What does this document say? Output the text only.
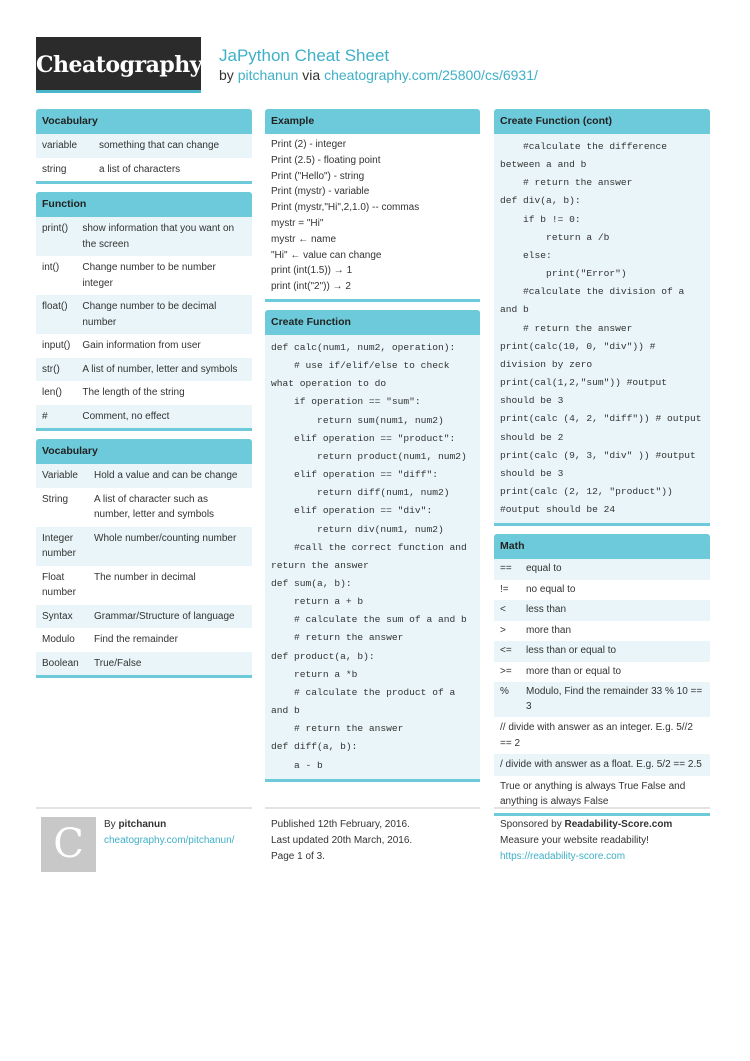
Cheatography JaPython Cheat Sheet
by pitchanun via cheatography.com/25800/cs/6931/
Vocabulary
variable	something that can change
string	a list of characters
Function
print()	show information that you want on the screen
int()	Change number to be number integer
float()	Change number to be decimal number
input()	Gain information from user
str()	A list of number, letter and symbols
len()	The length of the string
#	Comment, no effect
Vocabulary
Variable	Hold a value and can be change
String	A list of character such as number, letter and symbols
Integer number	Whole number/counting number
Float number	The number in decimal
Syntax	Grammar/Structure of language
Modulo	Find the remainder
Boolean	True/False
Example
Print (2) - integer
Print (2.5) - floating point
Print ("Hello") - string
Print (mystr) - variable
Print (mystr,"Hi",2,1.0) -- commas
mystr = "Hi"
mystr ← name
"Hi" ← value can change
print (int(1.5)) → 1
print (int("2")) → 2
Create Function
def calc(num1, num2, operation):
# use if/elif/else to check
what operation to do
if operation == "sum":
return sum(num1, num2)
elif operation == "product":
return product(num1, num2)
elif operation == "diff":
return diff(num1, num2)
elif operation == "div":
return div(num1, num2)
#call the correct function and
return the answer
def sum(a, b):
return a + b
# calculate the sum of a and b
# return the answer
def product(a, b):
return a *b
# calculate the product of a
and b
# return the answer
def diff(a, b):
a - b
Create Function (cont)
#calculate the difference
between a and b
# return the answer
def div(a, b):
if b != 0:
return a /b
else:
print("Error")
#calculate the division of a
and b
# return the answer
print(calc(10, 0, "div")) #
division by zero
print(cal(1,2,"sum")) #output
should be 3
print(calc (4, 2, "diff")) # output
should be 2
print(calc (9, 3, "div" )) #output
should be 3
print(calc (2, 12, "product"))
#output should be 24
Math
==	equal to
!=	no equal to
<	less than
>	more than
<=	less than or equal to
>=	more than or equal to
%	Modulo, Find the remainder 33 % 10 == 3
// divide with answer as an integer. E.g. 5//2 == 2	
/ divide with answer as a float. E.g. 5/2 == 2.5	
True or anything is always True False and anything is always False	
C	By pitchanun
cheatography.com/pitchanun/
Published 12th February, 2016.
Last updated 20th March, 2016.
Page 1 of 3.
Sponsored by Readability-Score.com
Measure your website readability!
https://readability-score.com
